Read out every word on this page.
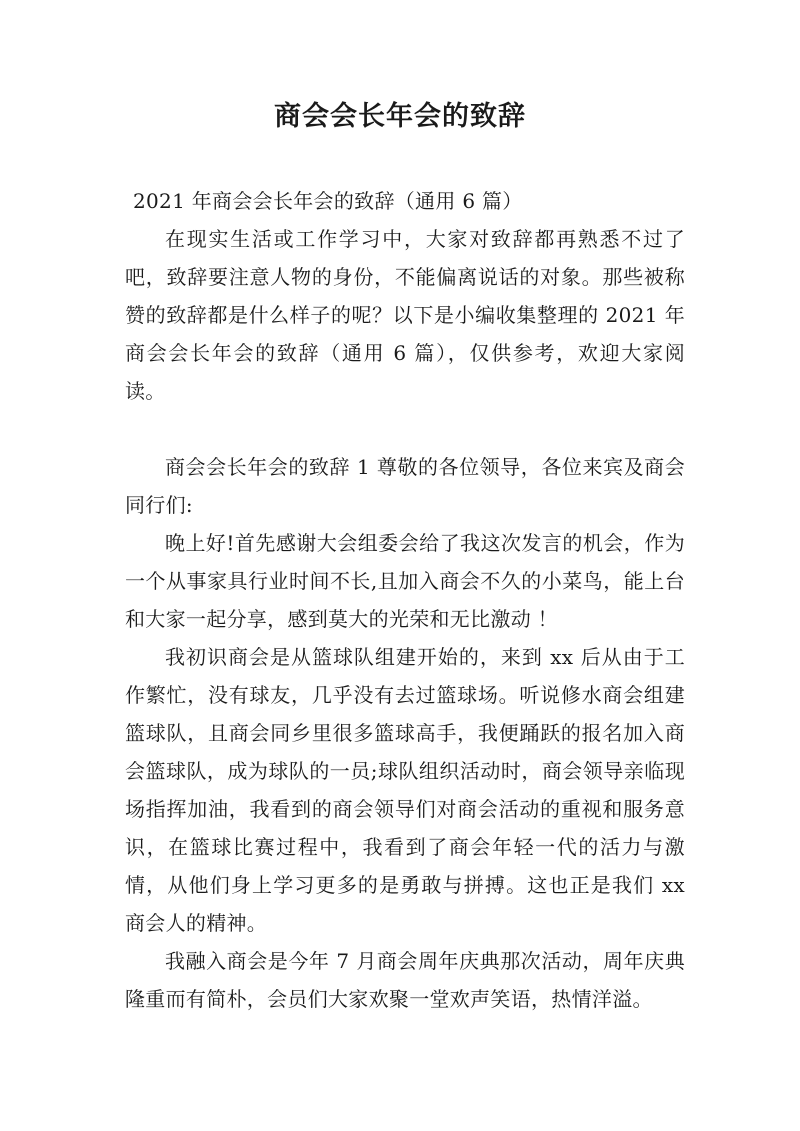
商会会长年会的致辞

2021 年商会会长年会的致辞（通用 6 篇）

在现实生活或工作学习中，大家对致辞都再熟悉不过了吧，致辞要注意人物的身份，不能偏离说话的对象。那些被称赞的致辞都是什么样子的呢？以下是小编收集整理的 2021 年商会会长年会的致辞（通用 6 篇），仅供参考，欢迎大家阅读。

商会会长年会的致辞 1 尊敬的各位领导，各位来宾及商会同行们:

晚上好!首先感谢大会组委会给了我这次发言的机会，作为一个从事家具行业时间不长,且加入商会不久的小菜鸟，能上台和大家一起分享，感到莫大的光荣和无比激动 ！

我初识商会是从篮球队组建开始的，来到 xx 后从由于工作繁忙，没有球友，几乎没有去过篮球场。听说修水商会组建篮球队，且商会同乡里很多篮球高手，我便踊跃的报名加入商会篮球队，成为球队的一员;球队组织活动时，商会领导亲临现场指挥加油，我看到的商会领导们对商会活动的重视和服务意识，在篮球比赛过程中，我看到了商会年轻一代的活力与激情，从他们身上学习更多的是勇敢与拼搏。这也正是我们 xx 商会人的精神。

我融入商会是今年 7 月商会周年庆典那次活动，周年庆典隆重而有简朴，会员们大家欢聚一堂欢声笑语，热情洋溢。
